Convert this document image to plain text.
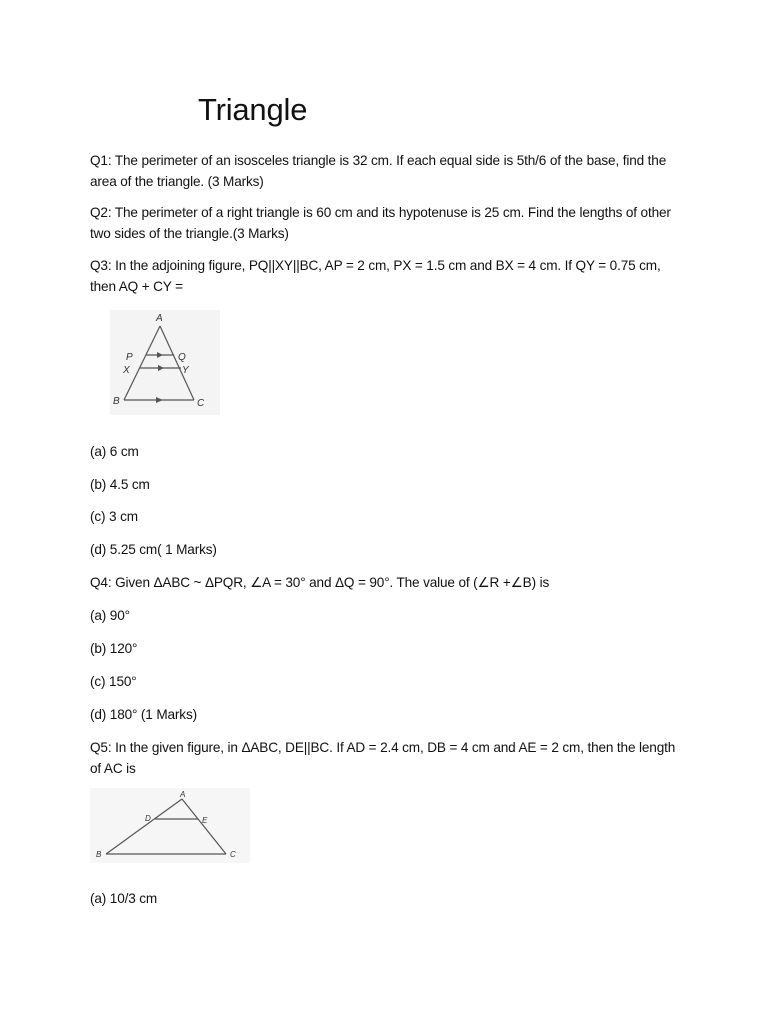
Triangle

Q1: The perimeter of an isosceles triangle is 32 cm. If each equal side is 5th/6 of the base, find the area of the triangle. (3 Marks)

Q2: The perimeter of a right triangle is 60 cm and its hypotenuse is 25 cm. Find the lengths of other two sides of the triangle.(3 Marks)

Q3: In the adjoining figure, PQ||XY||BC, AP = 2 cm, PX = 1.5 cm and BX = 4 cm. If QY = 0.75 cm, then AQ + CY =

A
P	Q
X	Y
B	C

(a) 6 cm

(b) 4.5 cm

(c) 3 cm

(d) 5.25 cm( 1 Marks)

Q4: Given ΔABC ~ ΔPQR, ∠A = 30° and ΔQ = 90°. The value of (∠R +∠B) is

(a) 90°

(b) 120°

(c) 150°

(d) 180° (1 Marks)

Q5: In the given figure, in ΔABC, DE||BC. If AD = 2.4 cm, DB = 4 cm and AE = 2 cm, then the length of AC is

A
D	E
B	C

(a) 10/3 cm
